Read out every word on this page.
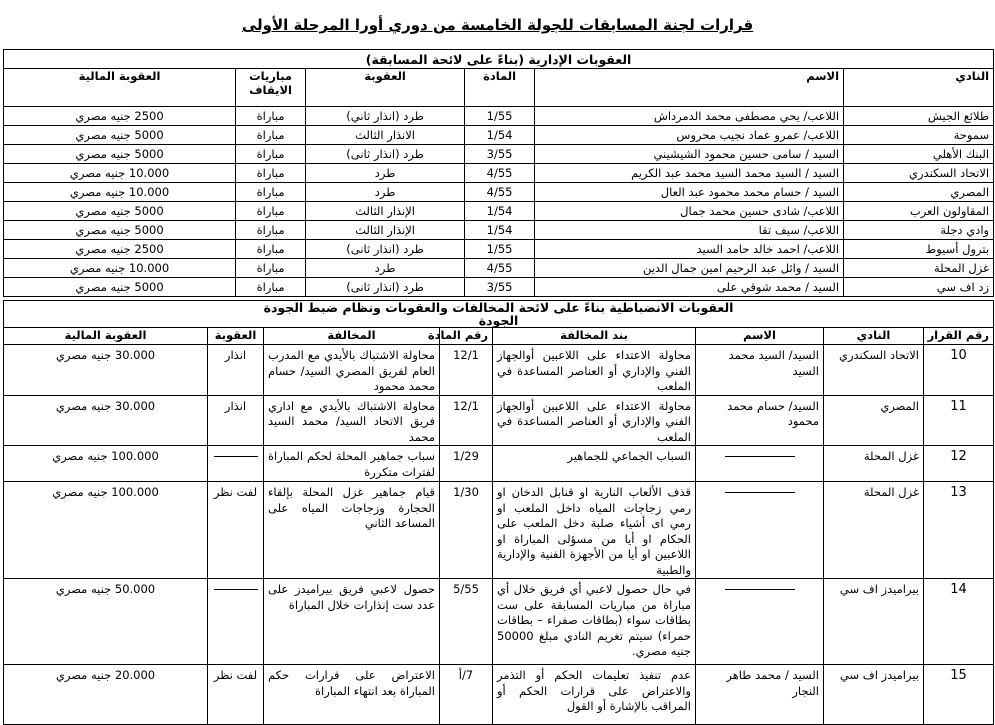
قرارات لجنة المسابقات للجولة الخامسة من دوري أورا المرحلة الأولى
العقوبات الإدارية (بناءً على لائحة المسابقة)					
النادي	الاسم	المادة	العقوبة	مباريات
الايقاف	العقوبة المالية
طلائع الجيش	اللاعب/ يحي مصطفى محمد الدمرداش	1/55	طرد (انذار ثاني)	مباراة	2500 جنيه مصري
سموحة	اللاعب/ عمرو عماد نجيب محروس	1/54	الانذار الثالث	مباراة	5000 جنيه مصري
البنك الأهلي	السيد / سامى حسين محمود الشيشيني	3/55	طرد (انذار ثانى)	مباراة	5000 جنيه مصري
الاتحاد السكندري	السيد / السيد محمد السيد محمد عبد الكريم	4/55	طرد	مباراة	10.000 جنيه مصري
المصري	السيد / حسام محمد محمود عبد العال	4/55	طرد	مباراة	10.000 جنيه مصري
المقاولون العرب	اللاعب/ شادى حسين محمد جمال	1/54	الإنذار الثالث	مباراة	5000 جنيه مصري
وادي دجلة	اللاعب/ سيف تقا	1/54	الإنذار الثالث	مباراة	5000 جنيه مصري
بترول أسيوط	اللاعب/ احمد خالد حامد السيد	1/55	طرد (انذار ثانى)	مباراة	2500 جنيه مصري
غزل المحلة	السيد / وائل عبد الرحيم امين جمال الدين	4/55	طرد	مباراة	10.000 جنيه مصري
زد اف سي	السيد / محمد شوقي على	3/55	طرد (انذار ثانى)	مباراة	5000 جنيه مصري
العقوبات الانضباطية بناءً على لائحة المخالفات والعقوبات ونظام ضبط الجودة
الجودة							
رقم القرار	النادي	الاسم	بند المخالفة	رقم المادة	المخالفة	العقوبة	العقوبة المالية
10	الاتحاد السكندري	السيد/ السيد محمد السيد	محاولة الاعتداء على اللاعبين أوالجهاز الفني والإداري أو العناصر المساعدة في الملعب	12/1	محاولة الاشتباك بالأيدي مع المدرب العام لفريق المصري السيد/ حسام محمد محمود	انذار	30.000 جنيه مصري
11	المصري	السيد/ حسام محمد محمود	محاولة الاعتداء على اللاعبين أوالجهاز الفني والإداري أو العناصر المساعدة في الملعب	12/1	محاولة الاشتباك بالأيدي مع اداري فريق الاتحاد السيد/ محمد السيد محمد	انذار	30.000 جنيه مصري
12	غزل المحلة		السباب الجماعي للجماهير	1/29	سباب جماهير المحلة لحكم المباراة لفترات متكررة		100.000 جنيه مصري
13	غزل المحلة		قذف الألعاب النارية او قنابل الدخان او رمي زجاجات المياه داخل الملعب او رمي اى أشياء صلبة دخل الملعب على الحكام او أيا من مسؤلى المباراة او اللاعبين او أيا من الأجهزة الفنية والإدارية والطبية	1/30	قيام جماهير غزل المحلة بإلقاء الحجارة وزجاجات المياه على المساعد الثاني	لفت نظر	100.000 جنيه مصري
14	بيراميدز اف سي		في حال حصول لاعبي أي فريق خلال أي مباراة من مباريات المسابقة على ست بطاقات سواء (بطاقات صفراء – بطاقات حمراء) سيتم تغريم النادي مبلغ 50000 جنيه مصري.	5/55	حصول لاعبي فريق بيراميدز على عدد ست إنذارات خلال المباراة		50.000 جنيه مصري
15	بيراميدز اف سي	السيد / محمد طاهر النجار	عدم تنفيذ تعليمات الحكم أو التذمر والاعتراض على قرارات الحكم أو المراقب بالإشارة أو القول	7/أ	الاعتراض على قرارات حكم المباراة بعد انتهاء المباراة	لفت نظر	20.000 جنيه مصري
